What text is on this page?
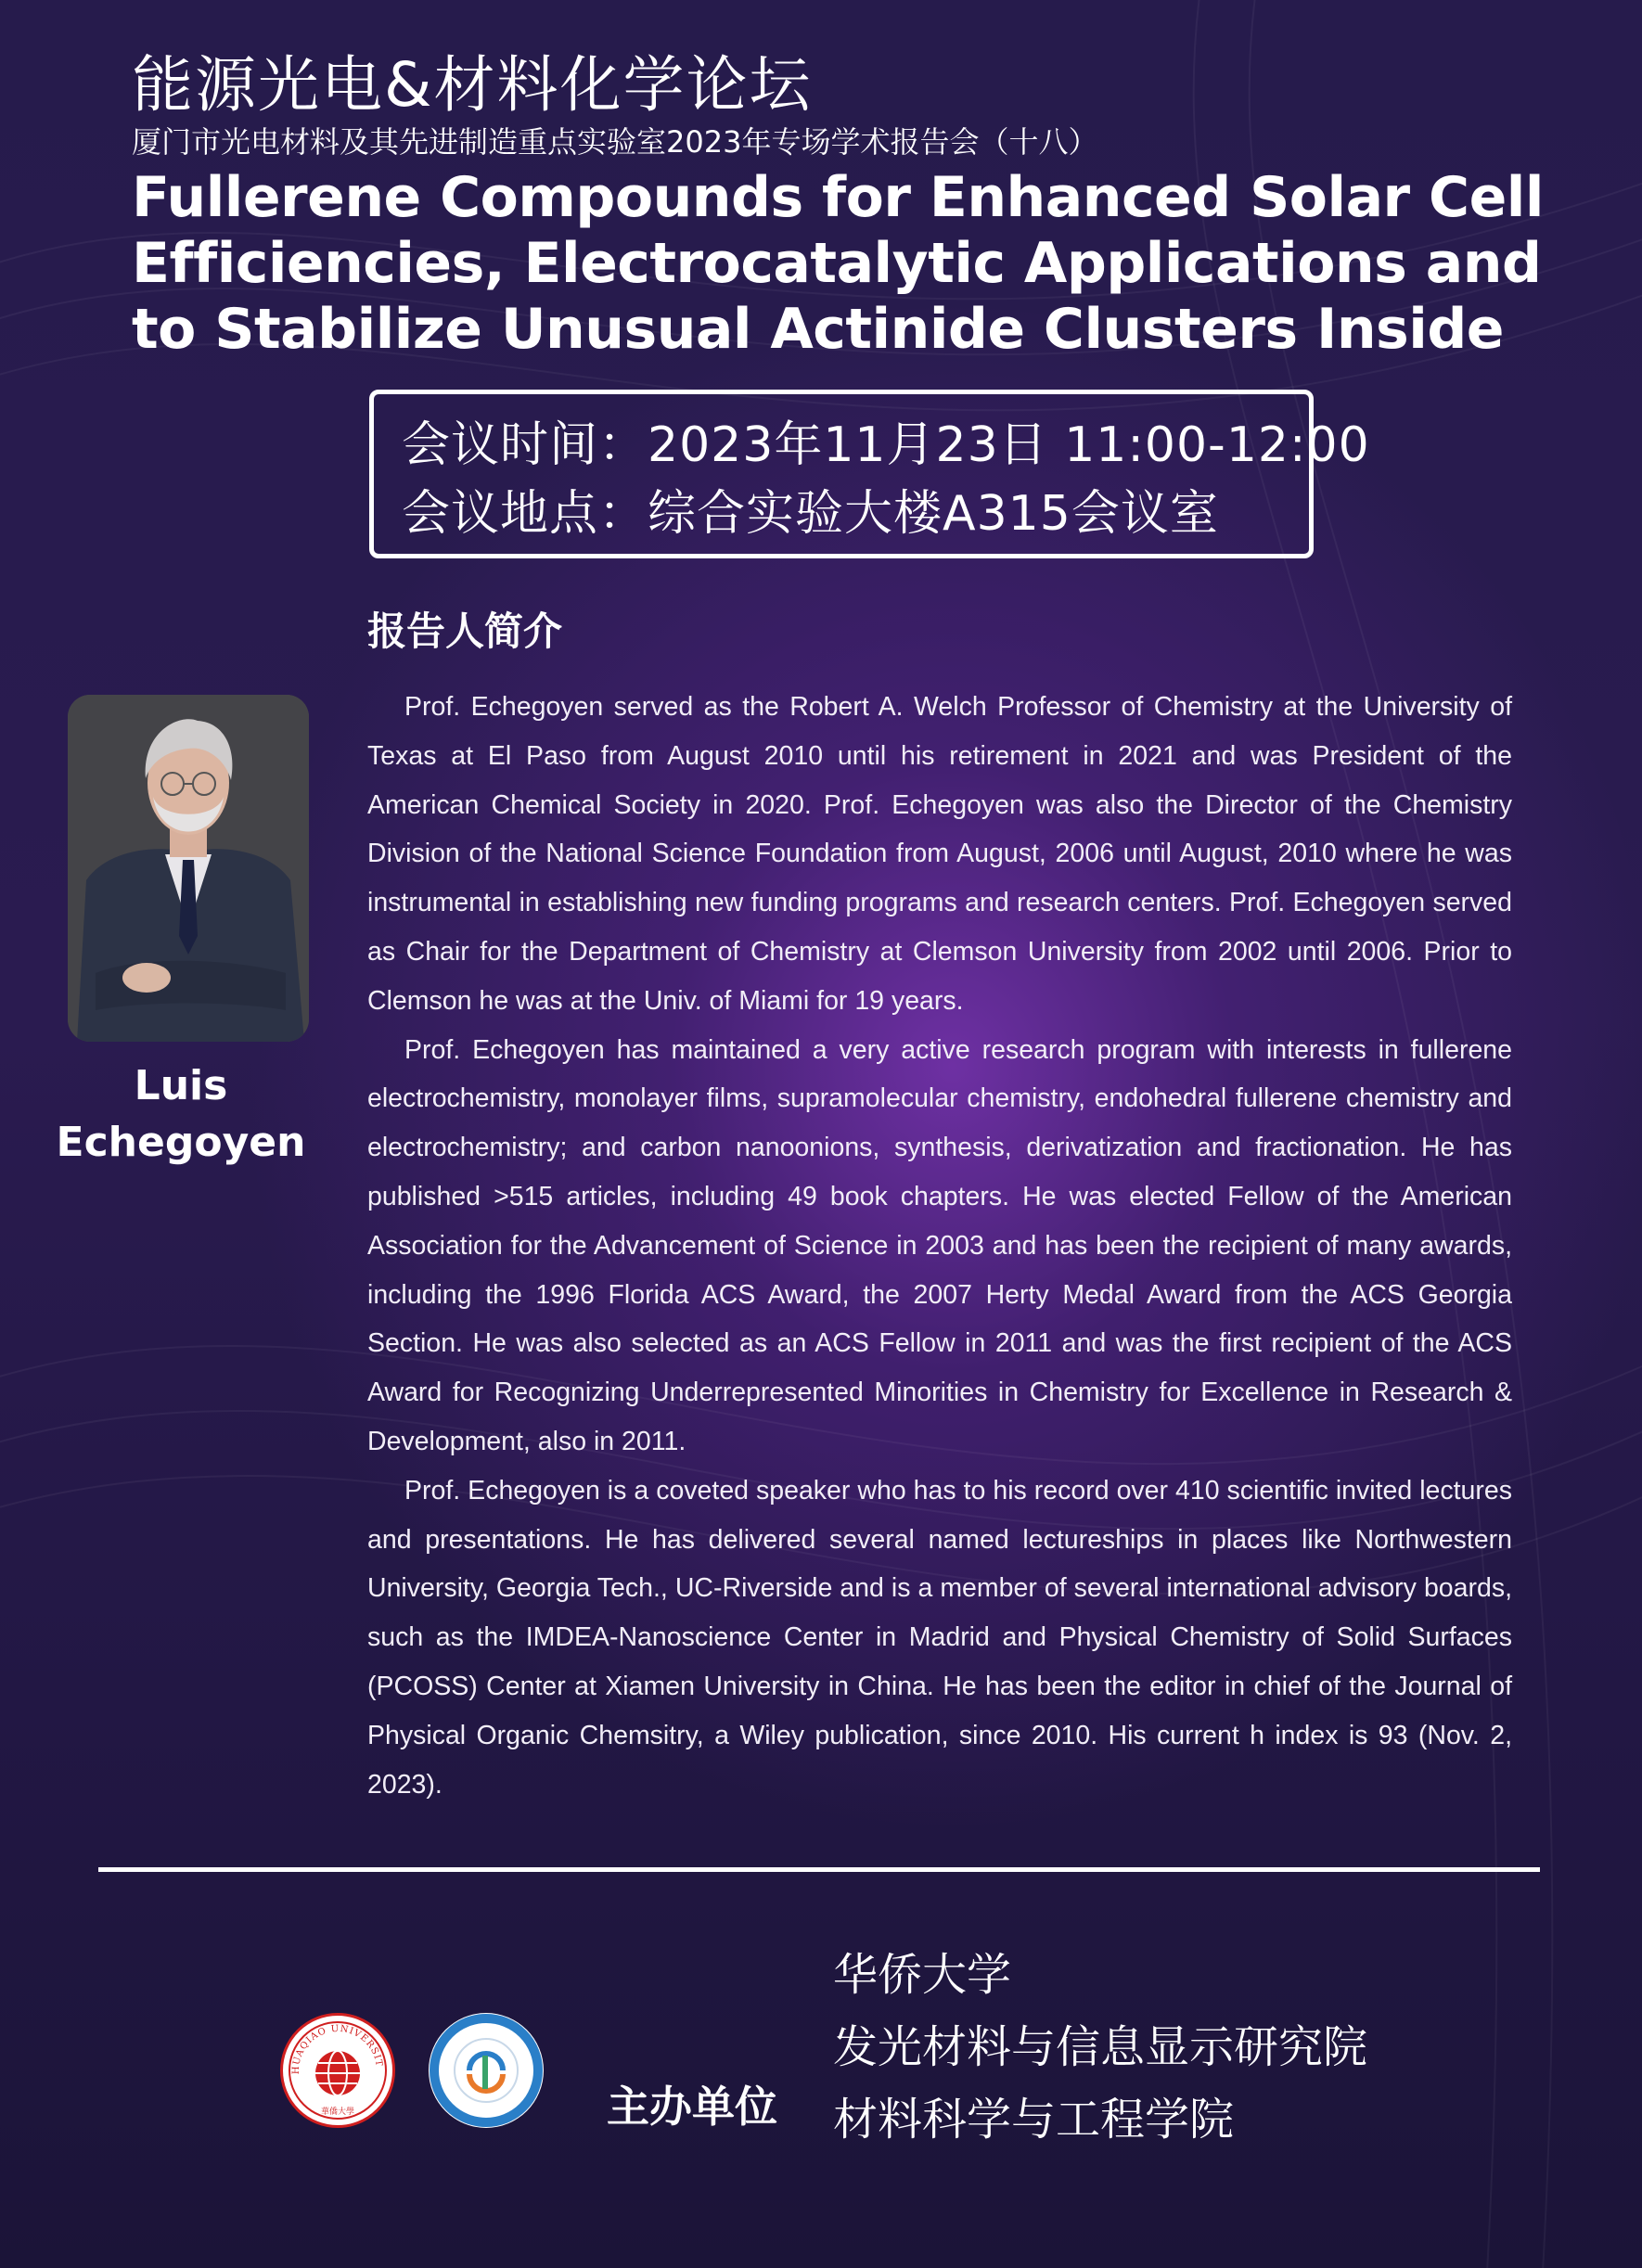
能源光电&材料化学论坛
厦门市光电材料及其先进制造重点实验室2023年专场学术报告会（十八）
Fullerene Compounds for Enhanced Solar Cell
Efficiencies, Electrocatalytic Applications and
to Stabilize Unusual Actinide Clusters Inside
会议时间：2023年11月23日 11:00-12:00
会议地点：综合实验大楼A315会议室
报告人简介
Luis
Echegoyen

Prof. Echegoyen served as the Robert A. Welch Professor of Chemistry at the University of Texas at El Paso from August 2010 until his retirement in 2021 and was President of the American Chemical Society in 2020. Prof. Echegoyen was also the Director of the Chemistry Division of the National Science Foundation from August, 2006 until August, 2010 where he was instrumental in establishing new funding programs and research centers. Prof. Echegoyen served as Chair for the Department of Chemistry at Clemson University from 2002 until 2006. Prior to Clemson he was at the Univ. of Miami for 19 years.

Prof. Echegoyen has maintained a very active research program with interests in fullerene electrochemistry, monolayer films, supramolecular chemistry, endohedral fullerene chemistry and electrochemistry; and carbon nanoonions, synthesis, derivatization and fractionation. He has published >515 articles, including 49 book chapters. He was elected Fellow of the American Association for the Advancement of Science in 2003 and has been the recipient of many awards, including the 1996 Florida ACS Award, the 2007 Herty Medal Award from the ACS Georgia Section. He was also selected as an ACS Fellow in 2011 and was the first recipient of the ACS Award for Recognizing Underrepresented Minorities in Chemistry for Excellence in Research & Development, also in 2011.

Prof. Echegoyen is a coveted speaker who has to his record over 410 scientific invited lectures and presentations. He has delivered several named lectureships in places like Northwestern University, Georgia Tech., UC-Riverside and is a member of several international advisory boards, such as the IMDEA-Nanoscience Center in Madrid and Physical Chemistry of Solid Surfaces (PCOSS) Center at Xiamen University in China. He has been the editor in chief of the Journal of Physical Organic Chemsitry, a Wiley publication, since 2010. His current h index is 93 (Nov. 2, 2023).

HUAQIAO UNIVERSIT
華僑大學	主办单位
华侨大学
发光材料与信息显示研究院
材料科学与工程学院
